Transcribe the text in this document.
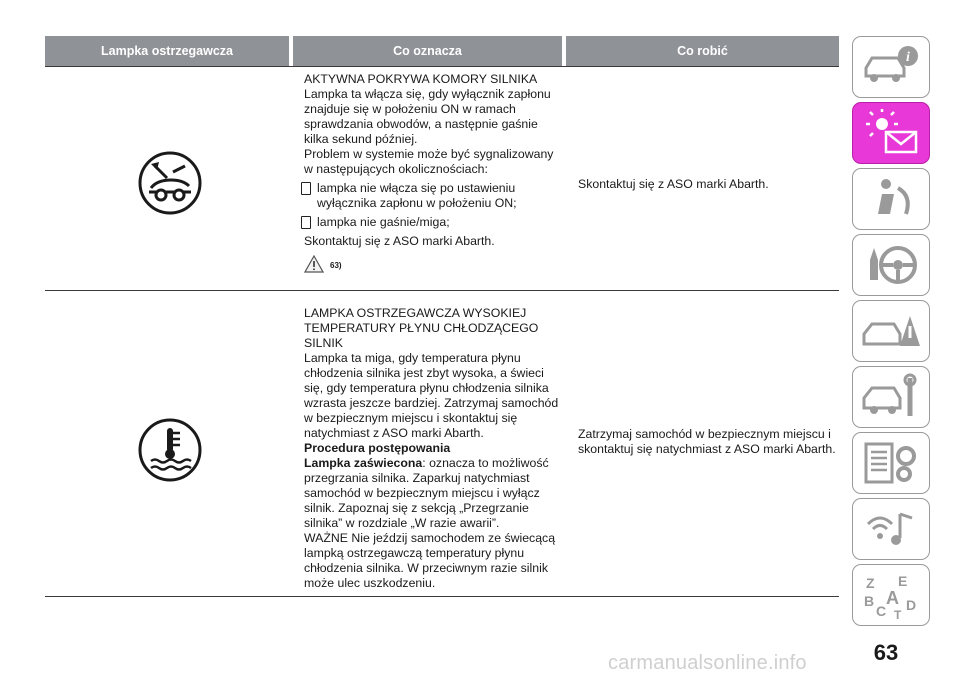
Lampka ostrzegawcza	Co oznacza	Co robić

AKTYWNA POKRYWA KOMORY SILNIKA

Lampka ta włącza się, gdy wyłącznik zapłonu znajduje się w położeniu ON w ramach sprawdzania obwodów, a następnie gaśnie kilka sekund później.

Problem w systemie może być sygnalizowany w następujących okolicznościach:

lampka nie włącza się po ustawieniu wyłącznika zapłonu w położeniu ON;
lampka nie gaśnie/miga;

Skontaktuj się z ASO marki Abarth.

63)
Skontaktuj się z ASO marki Abarth.

LAMPKA OSTRZEGAWCZA WYSOKIEJ TEMPERATURY PŁYNU CHŁODZĄCEGO SILNIK

Lampka ta miga, gdy temperatura płynu chłodzenia silnika jest zbyt wysoka, a świeci się, gdy temperatura płynu chłodzenia silnika wzrasta jeszcze bardziej. Zatrzymaj samochód w bezpiecznym miejscu i skontaktuj się natychmiast z ASO marki Abarth.

Procedura postępowania

Lampka zaświecona: oznacza to możliwość przegrzania silnika. Zaparkuj natychmiast samochód w bezpiecznym miejscu i wyłącz silnik. Zapoznaj się z sekcją „Przegrzanie silnika” w rozdziale „W razie awarii”.

WAŻNE Nie jeździj samochodem ze świecącą lampką ostrzegawczą temperatury płynu chłodzenia silnika. W przeciwnym razie silnik może ulec uszkodzeniu.

Zatrzymaj samochód w bezpiecznym miejscu i skontaktuj się natychmiast z ASO marki Abarth.
i
Z E
A
B D
C T
63
carmanualsonline.info
